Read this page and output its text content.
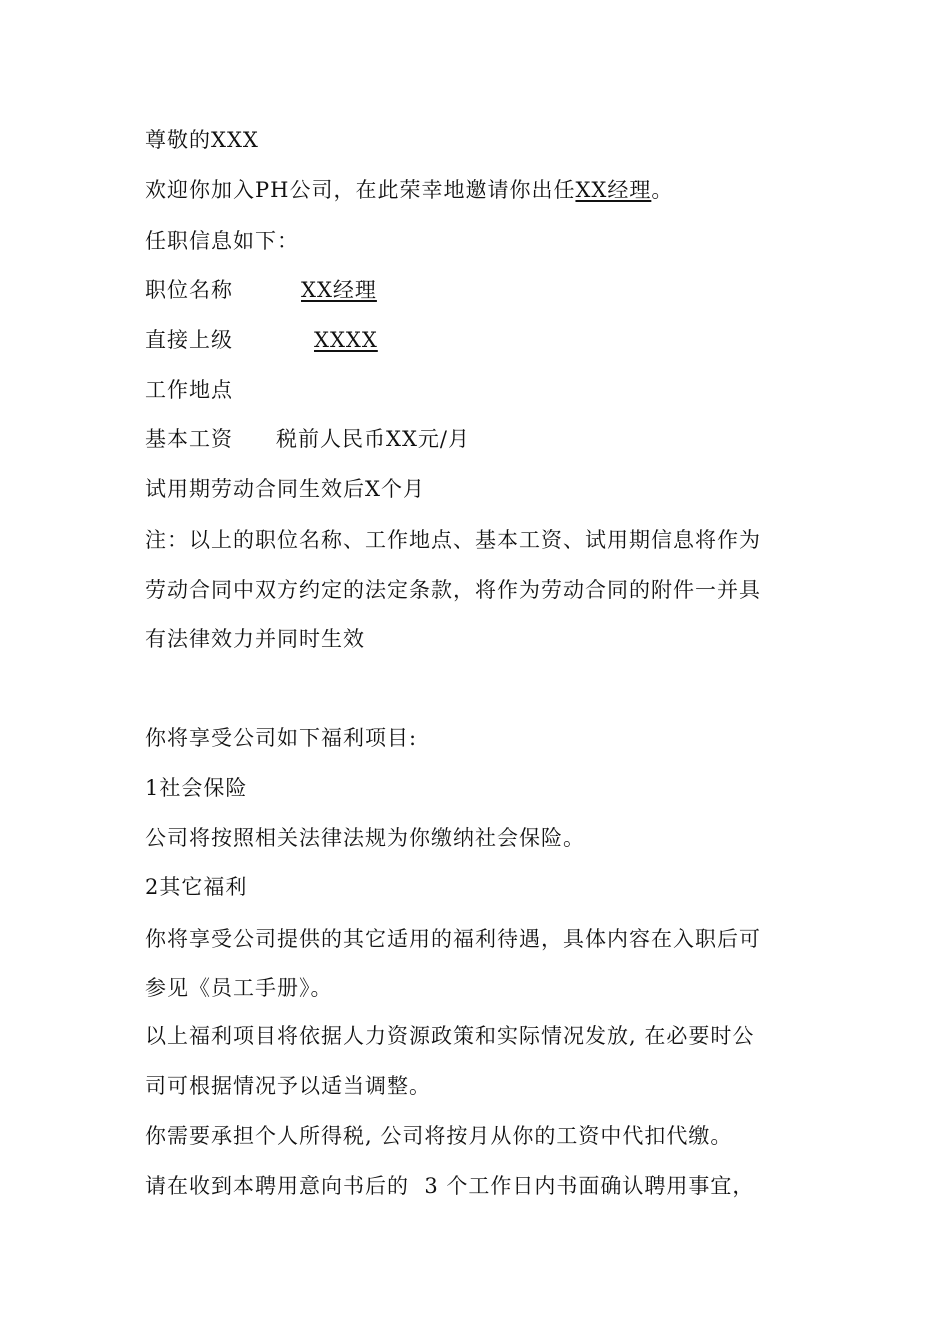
尊敬的XXX
欢迎你加入PH公司，在此荣幸地邀请你出任XX经理。
任职信息如下：
职位名称	XX经理
直接上级	XXXX
工作地点
基本工资 税前人民币XX元/月
试用期劳动合同生效后X个月
注：以上的职位名称、工作地点、基本工资、试用期信息将作为
劳动合同中双方约定的法定条款，将作为劳动合同的附件一并具
有法律效力并同时生效
你将享受公司如下福利项目:
1社会保险
公司将按照相关法律法规为你缴纳社会保险。
2其它福利
你将享受公司提供的其它适用的福利待遇，具体内容在入职后可
参见《员工手册》。
以上福利项目将依据人力资源政策和实际情况发放, 在必要时公
司可根据情况予以适当调整。
你需要承担个人所得税, 公司将按月从你的工资中代扣代缴。
请在收到本聘用意向书后的  3 个工作日内书面确认聘用事宜，
